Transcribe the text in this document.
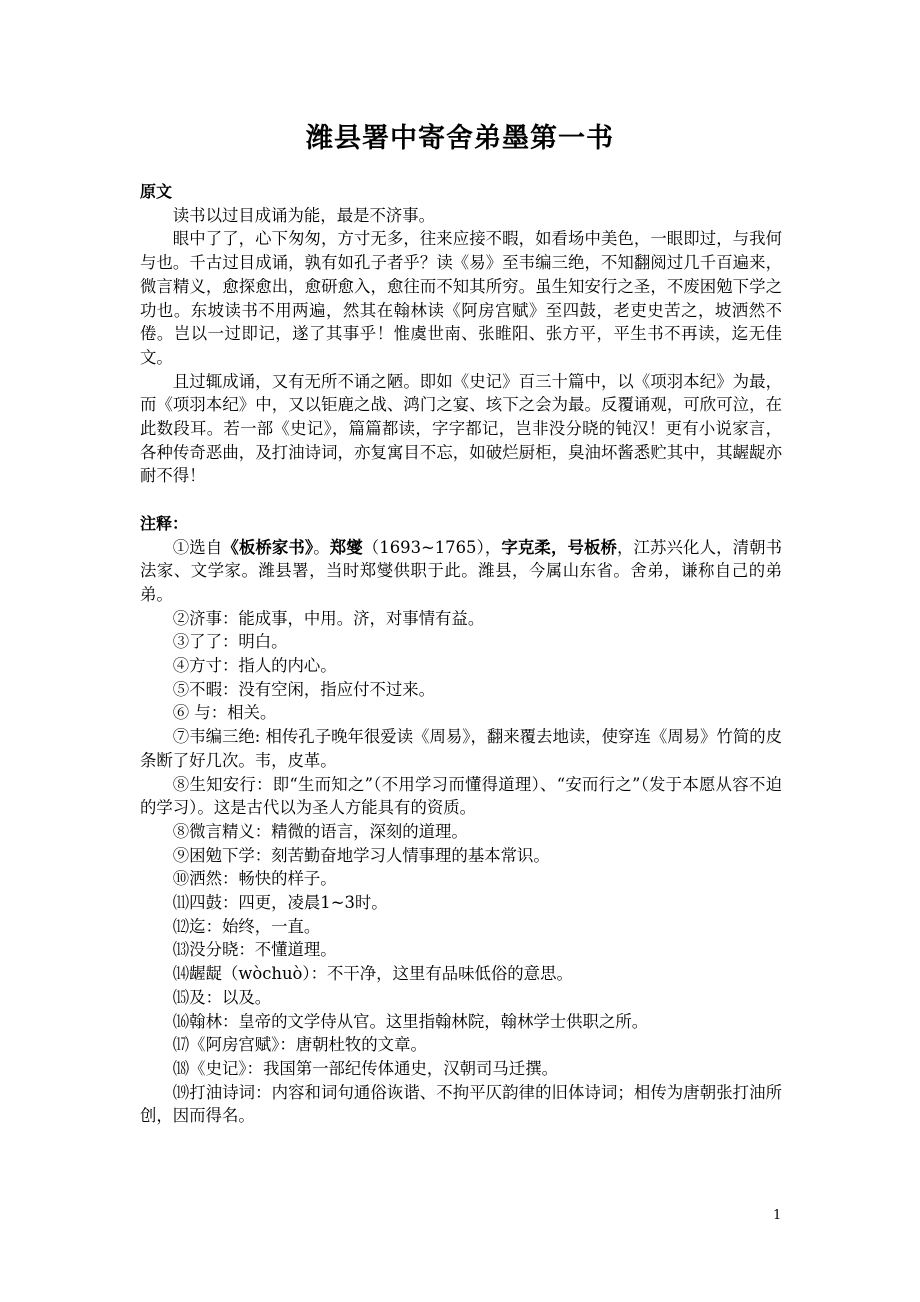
潍县署中寄舍弟墨第一书

原文

读书以过目成诵为能，最是不济事。

眼中了了，心下匆匆，方寸无多，往来应接不暇，如看场中美色，一眼即过，与我何与也。千古过目成诵，孰有如孔子者乎？读《易》至韦编三绝，不知翻阅过几千百遍来，微言精义，愈探愈出，愈研愈入，愈往而不知其所穷。虽生知安行之圣，不废困勉下学之功也。东坡读书不用两遍，然其在翰林读《阿房宫赋》至四鼓，老吏史苦之，坡洒然不倦。岂以一过即记，遂了其事乎！惟虞世南、张睢阳、张方平，平生书不再读，迄无佳文。

且过辄成诵，又有无所不诵之陋。即如《史记》百三十篇中，以《项羽本纪》为最，而《项羽本纪》中，又以钜鹿之战、鸿门之宴、垓下之会为最。反覆诵观，可欣可泣，在此数段耳。若一部《史记》，篇篇都读，字字都记，岂非没分晓的钝汉！更有小说家言，各种传奇恶曲，及打油诗词，亦复寓目不忘，如破烂厨柜，臭油坏酱悉贮其中，其龌龊亦耐不得！

注释：

①选自《板桥家书》。郑燮（1693~1765），字克柔，号板桥，江苏兴化人，清朝书法家、文学家。潍县署，当时郑燮供职于此。潍县，今属山东省。舍弟，谦称自己的弟弟。

②济事：能成事，中用。济，对事情有益。

③了了：明白。

④方寸：指人的内心。

⑤不暇：没有空闲，指应付不过来。

⑥ 与：相关。

⑦韦编三绝: 相传孔子晚年很爱读《周易》，翻来覆去地读，使穿连《周易》竹简的皮条断了好几次。韦，皮革。

⑧生知安行：即“生而知之”（不用学习而懂得道理）、“安而行之”（发于本愿从容不迫的学习）。这是古代以为圣人方能具有的资质。

⑧微言精义：精微的语言，深刻的道理。

⑨困勉下学：刻苦勤奋地学习人情事理的基本常识。

⑩洒然：畅快的样子。

⑾四鼓：四更，凌晨1~3时。

⑿迄：始终，一直。

⒀没分晓：不懂道理。

⒁龌龊（wòchuò）：不干净，这里有品味低俗的意思。

⒂及：以及。

⒃翰林：皇帝的文学侍从官。这里指翰林院，翰林学士供职之所。

⒄《阿房宫赋》：唐朝杜牧的文章。

⒅《史记》：我国第一部纪传体通史，汉朝司马迁撰。

⒆打油诗词：内容和词句通俗诙谐、不拘平仄韵律的旧体诗词；相传为唐朝张打油所创，因而得名。

1
